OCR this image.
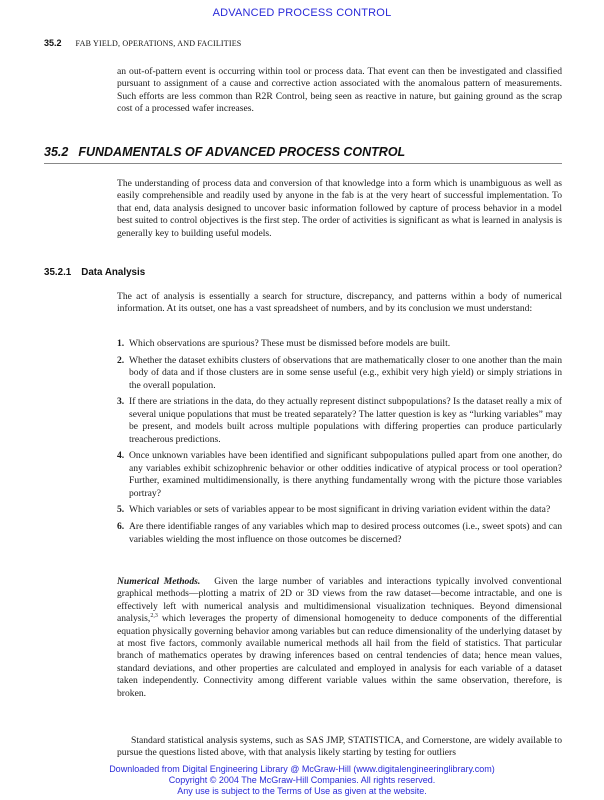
ADVANCED PROCESS CONTROL
35.2 FAB YIELD, OPERATIONS, AND FACILITIES
an out-of-pattern event is occurring within tool or process data. That event can then be investigated and classified pursuant to assignment of a cause and corrective action associated with the anomalous pattern of measurements. Such efforts are less common than R2R Control, being seen as reactive in nature, but gaining ground as the scrap cost of a processed wafer increases.
35.2 FUNDAMENTALS OF ADVANCED PROCESS CONTROL
The understanding of process data and conversion of that knowledge into a form which is unambiguous as well as easily comprehensible and readily used by anyone in the fab is at the very heart of successful implementation. To that end, data analysis designed to uncover basic information followed by capture of process behavior in a model best suited to control objectives is the first step. The order of activities is significant as what is learned in analysis is generally key to building useful models.
35.2.1 Data Analysis
The act of analysis is essentially a search for structure, discrepancy, and patterns within a body of numerical information. At its outset, one has a vast spreadsheet of numbers, and by its conclusion we must understand:
1. Which observations are spurious? These must be dismissed before models are built.
2. Whether the dataset exhibits clusters of observations that are mathematically closer to one another than the main body of data and if those clusters are in some sense useful (e.g., exhibit very high yield) or simply striations in the overall population.
3. If there are striations in the data, do they actually represent distinct subpopulations? Is the dataset really a mix of several unique populations that must be treated separately? The latter question is key as “lurking variables” may be present, and models built across multiple populations with differing properties can produce particularly treacherous predictions.
4. Once unknown variables have been identified and significant subpopulations pulled apart from one another, do any variables exhibit schizophrenic behavior or other oddities indicative of atypical process or tool operation? Further, examined multidimensionally, is there anything fundamentally wrong with the picture those variables portray?
5. Which variables or sets of variables appear to be most significant in driving variation evident within the data?
6. Are there identifiable ranges of any variables which map to desired process outcomes (i.e., sweet spots) and can variables wielding the most influence on those outcomes be discerned?
Numerical Methods. Given the large number of variables and interactions typically involved conventional graphical methods—plotting a matrix of 2D or 3D views from the raw dataset—become intractable, and one is effectively left with numerical analysis and multidimensional visualization techniques. Beyond dimensional analysis,$^{2,3}$ which leverages the property of dimensional homogeneity to deduce components of the differential equation physically governing behavior among variables but can reduce dimensionality of the underlying dataset by at most five factors, commonly available numerical methods all hail from the field of statistics. That particular branch of mathematics operates by drawing inferences based on central tendencies of data; hence mean values, standard deviations, and other properties are calculated and employed in analysis for each variable of a dataset taken independently. Connectivity among different variable values within the same observation, therefore, is broken.
Standard statistical analysis systems, such as SAS JMP, STATISTICA, and Cornerstone, are widely available to pursue the questions listed above, with that analysis likely starting by testing for outliers
Downloaded from Digital Engineering Library @ McGraw-Hill (www.digitalengineeringlibrary.com)
Copyright © 2004 The McGraw-Hill Companies. All rights reserved.
Any use is subject to the Terms of Use as given at the website.
